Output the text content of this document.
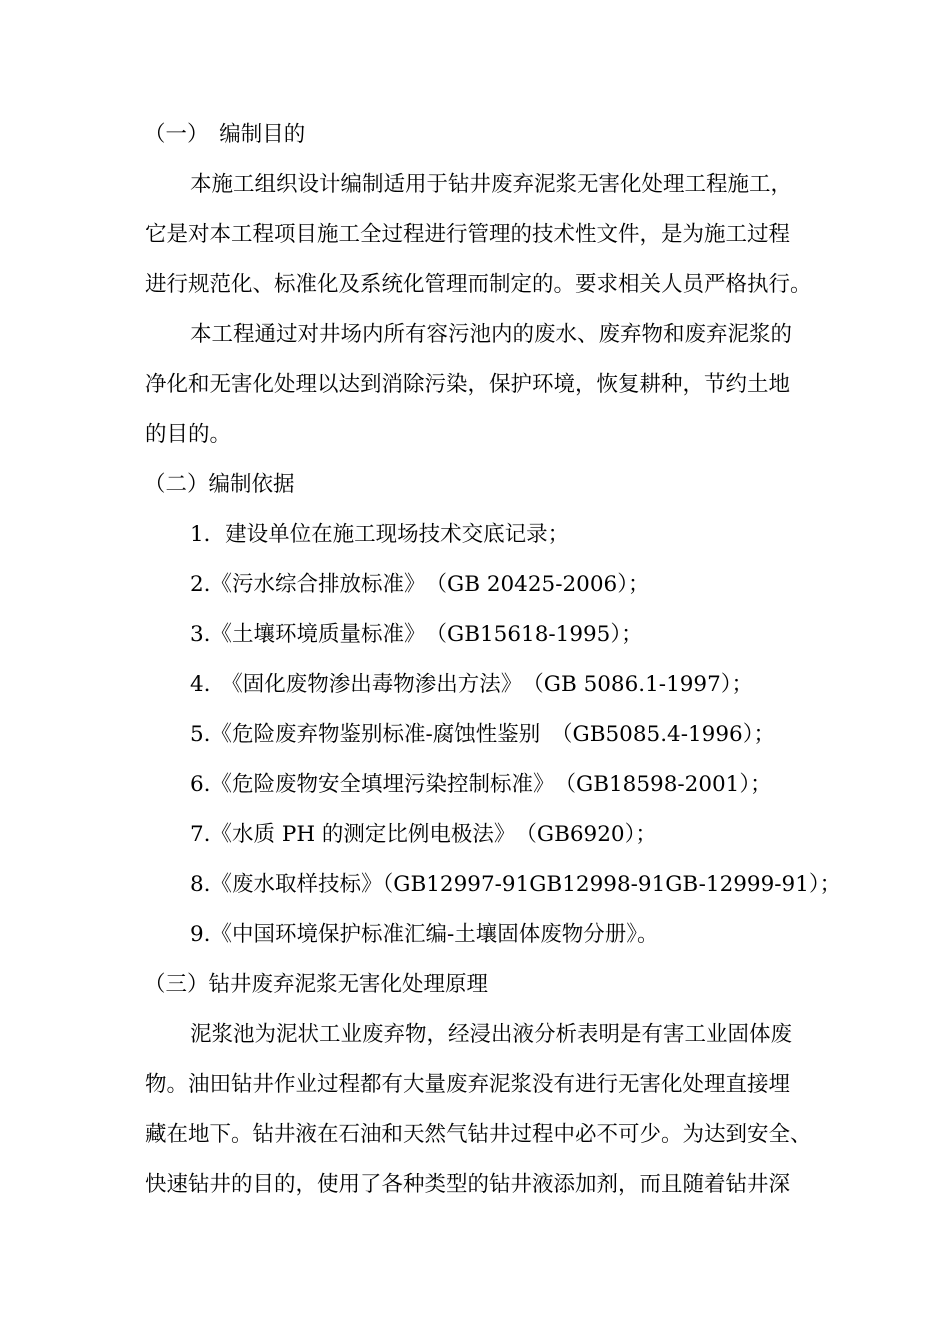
（一）　编制目的
本施工组织设计编制适用于钻井废弃泥浆无害化处理工程施工，
它是对本工程项目施工全过程进行管理的技术性文件，是为施工过程
进行规范化、标准化及系统化管理而制定的。要求相关人员严格执行。
本工程通过对井场内所有容污池内的废水、废弃物和废弃泥浆的
净化和无害化处理以达到消除污染，保护环境，恢复耕种，节约土地
的目的。
（二）编制依据
1．建设单位在施工现场技术交底记录；
2.《污水综合排放标准》　（GB 20425-2006）；
3.《土壤环境质量标准》　（GB15618-1995）；
4.　《固化废物渗出毒物渗出方法》　（GB 5086.1-1997）；
5.《危险废弃物鉴别标准-腐蚀性鉴别　（GB5085.4-1996）；
6.《危险废物安全填埋污染控制标准》　（GB18598-2001）；
7.《水质 PH 的测定比例电极法》　（GB6920）；
8.《废水取样技标》（GB12997-91GB12998-91GB-12999-91）；
9.《中国环境保护标准汇编-土壤固体废物分册》。
（三）钻井废弃泥浆无害化处理原理
泥浆池为泥状工业废弃物，经浸出液分析表明是有害工业固体废
物。油田钻井作业过程都有大量废弃泥浆没有进行无害化处理直接埋
藏在地下。钻井液在石油和天然气钻井过程中必不可少。为达到安全、
快速钻井的目的，使用了各种类型的钻井液添加剂，而且随着钻井深
